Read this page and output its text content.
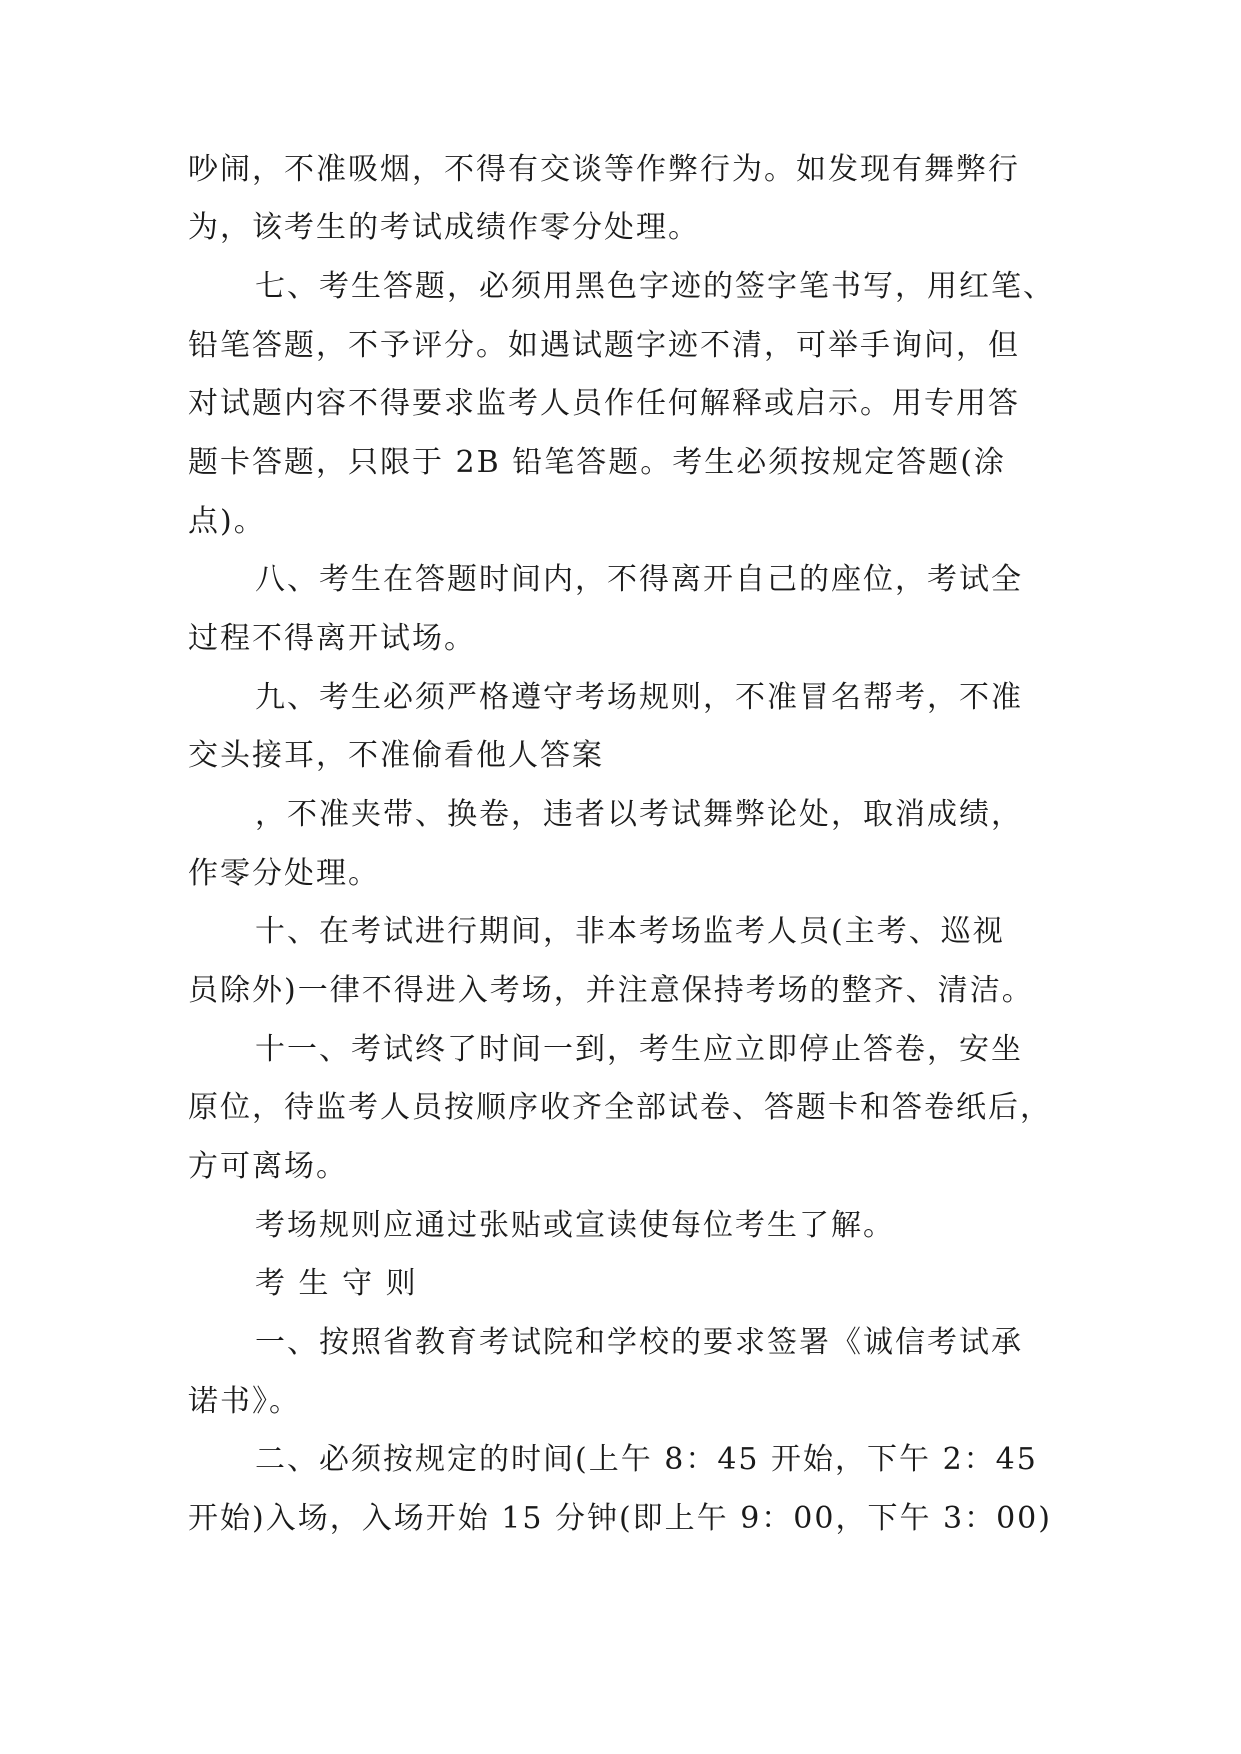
吵闹，不准吸烟，不得有交谈等作弊行为。如发现有舞弊行
为，该考生的考试成绩作零分处理。
七、考生答题，必须用黑色字迹的签字笔书写，用红笔、
铅笔答题，不予评分。如遇试题字迹不清，可举手询问，但
对试题内容不得要求监考人员作任何解释或启示。用专用答
题卡答题，只限于 2B 铅笔答题。考生必须按规定答题(涂
点)。
八、考生在答题时间内，不得离开自己的座位，考试全
过程不得离开试场。
九、考生必须严格遵守考场规则，不准冒名帮考，不准
交头接耳，不准偷看他人答案
，不准夹带、换卷，违者以考试舞弊论处，取消成绩，
作零分处理。
十、在考试进行期间，非本考场监考人员(主考、巡视
员除外)一律不得进入考场，并注意保持考场的整齐、清洁。
十一、考试终了时间一到，考生应立即停止答卷，安坐
原位，待监考人员按顺序收齐全部试卷、答题卡和答卷纸后，
方可离场。
考场规则应通过张贴或宣读使每位考生了解。
考 生 守 则
一、按照省教育考试院和学校的要求签署《诚信考试承
诺书》。
二、必须按规定的时间(上午 8：45 开始，下午 2：45
开始)入场，入场开始 15 分钟(即上午 9：00，下午 3：00)
